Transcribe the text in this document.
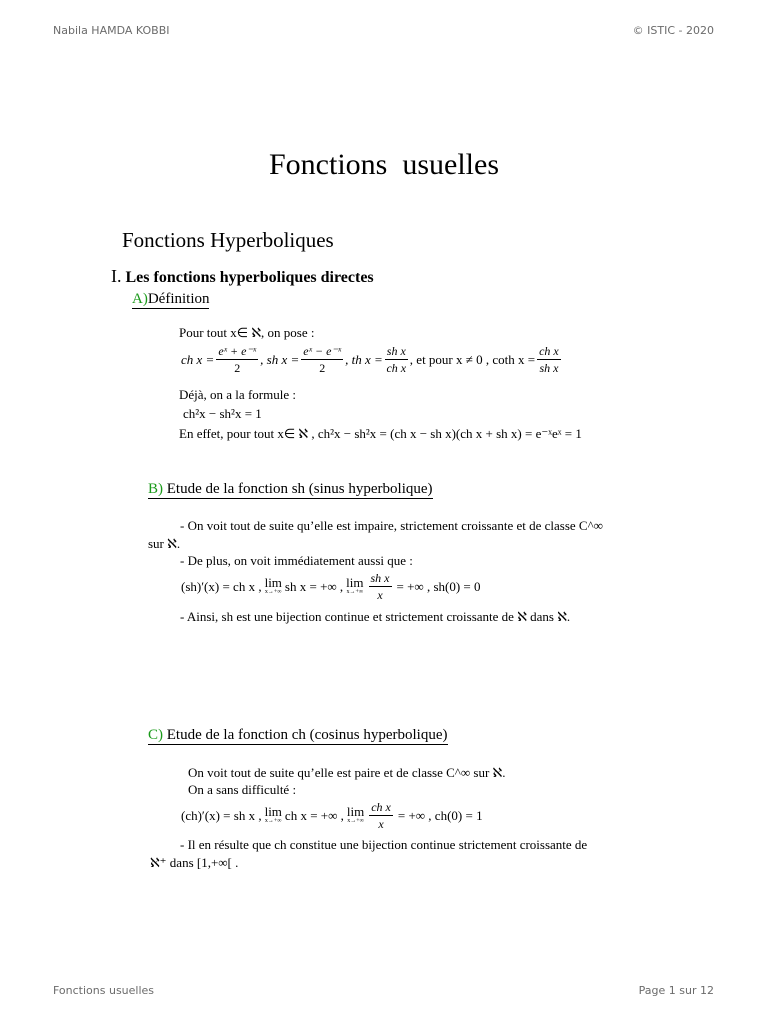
Nabila HAMDA KOBBI	© ISTIC - 2020
Fonctions usuelles	Page 1 sur 12
Fonctions  usuelles
Fonctions Hyperboliques
I. Les fonctions hyperboliques directes
A)Définition
Pour tout x∈ ℵ, on pose :
ch $x = \frac{\text{eˣ + e⁻ˣ}}{2}$ , sh $x = \frac{\text{eˣ − e⁻ˣ}}{2}$ , th $x = \frac{\text{sh x}}{\text{ch x}}$ , et pour x ≠ 0 , coth $x = \frac{\text{ch x}}{\text{sh x}}$
Déjà, on a la formule :
ch²x − sh²x = 1
En effet, pour tout x∈ ℵ , ch²x − sh²x = (ch x − sh x)(ch x + sh x) = e⁻ˣeˣ = 1
B) Etude de la fonction sh (sinus hyperbolique)
- On voit tout de suite qu’elle est impaire, strictement croissante et de classe C^∞
sur ℵ.
- De plus, on voit immédiatement aussi que :
(sh)′(x) = ch x , lim
x→+∞ sh x = +∞ , lim
$x\to+\infty \frac{\text{sh x}}{x}$ = +∞ , sh(0) = 0
- Ainsi, sh est une bijection continue et strictement croissante de ℵ dans ℵ.
C) Etude de la fonction ch (cosinus hyperbolique)
On voit tout de suite qu’elle est paire et de classe C^∞ sur ℵ.
On a sans difficulté :
(ch)′(x) = sh x , lim
x→+∞ ch x = +∞ , lim
$x\to+\infty \frac{\text{ch x}}{x}$ = +∞ , ch(0) = 1
- Il en résulte que ch constitue une bijection continue strictement croissante de
ℵ⁺ dans [1,+∞[ .
